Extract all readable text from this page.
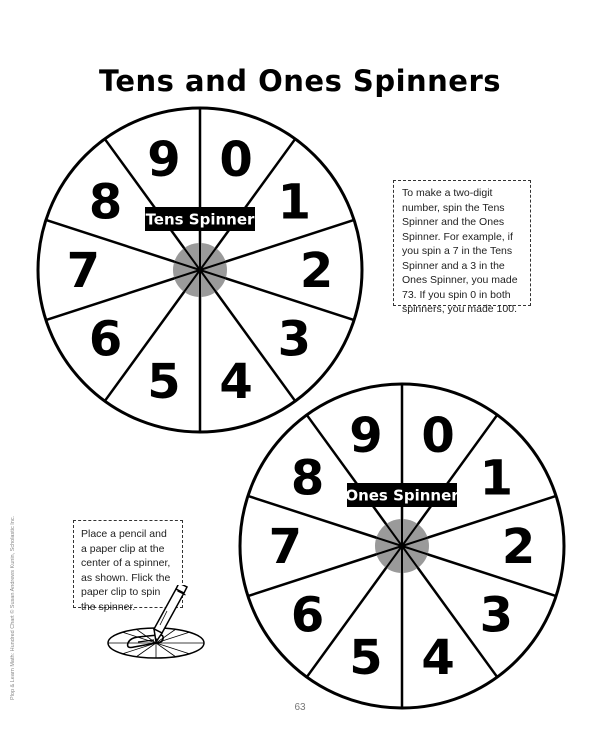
Tens and Ones Spinners
0
1
2
3
4
5
6
7
8
9
Tens Spinner
0
1
2
3
4
5
6
7
8
9
Ones Spinner
To make a two-digit
number, spin the Tens
Spinner and the Ones
Spinner. For example, if
you spin a 7 in the Tens
Spinner and a 3 in the
Ones Spinner, you made
73. If you spin 0 in both
spinners, you made 100.
Place a pencil and
a paper clip at the
center of a spinner,
as shown. Flick the
paper clip to spin
the spinner.
Plop & Learn Math: Hundred Chart © Susan Andrews Kunin, Scholastic Inc.
63
